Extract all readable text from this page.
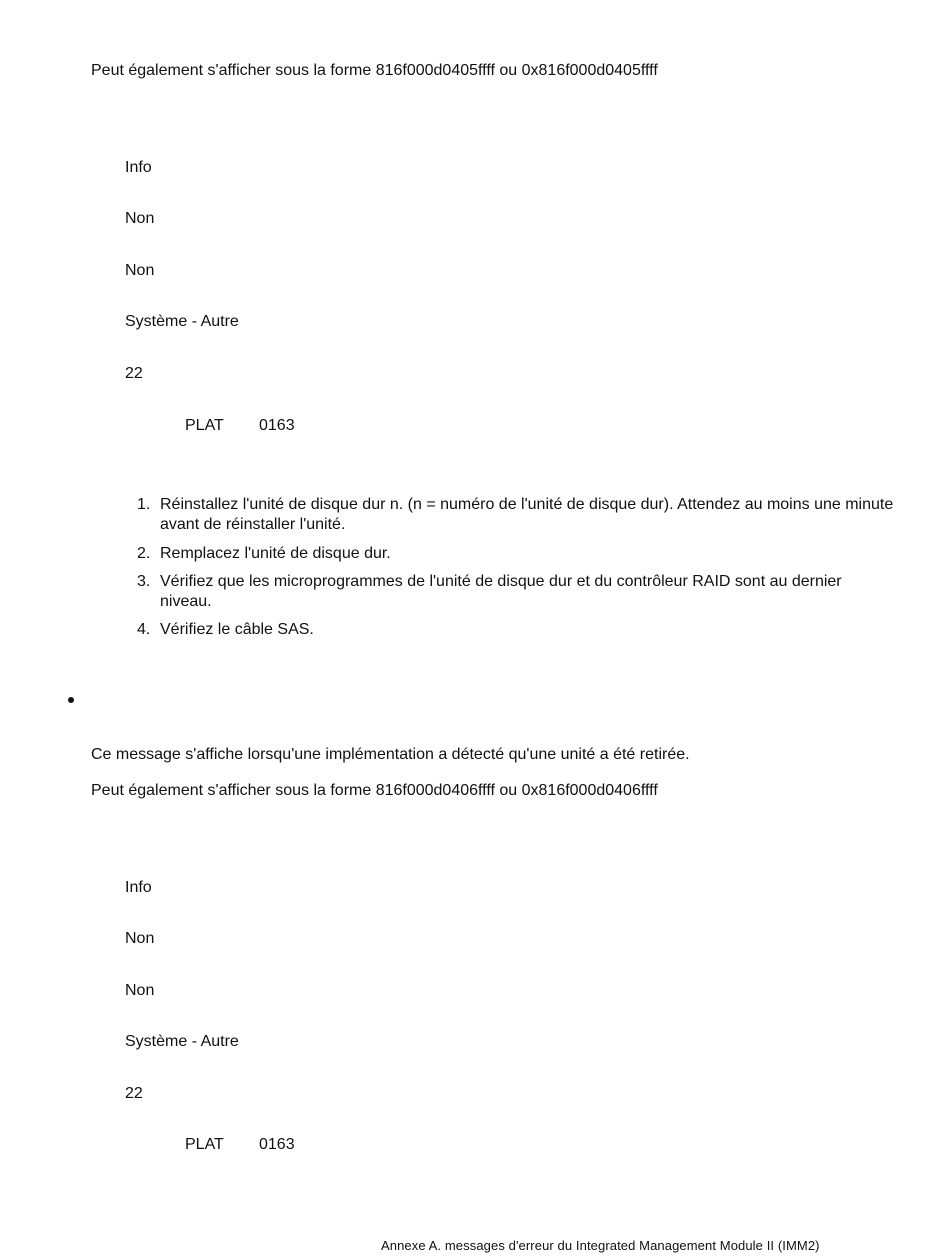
Peut également s'afficher sous la forme 816f000d0405ffff ou 0x816f000d0405ffff
Info
Non
Non
Système - Autre
22
PLAT 0163
1. Réinstallez l'unité de disque dur n. (n = numéro de l'unité de disque dur). Attendez au moins une minute avant de réinstaller l'unité.
2. Remplacez l'unité de disque dur.
3. Vérifiez que les microprogrammes de l'unité de disque dur et du contrôleur RAID sont au dernier niveau.
4. Vérifiez le câble SAS.
Ce message s'affiche lorsqu'une implémentation a détecté qu'une unité a été retirée.
Peut également s'afficher sous la forme 816f000d0406ffff ou 0x816f000d0406ffff
Info
Non
Non
Système - Autre
22
PLAT 0163
Annexe A. messages d'erreur du Integrated Management Module II (IMM2)
